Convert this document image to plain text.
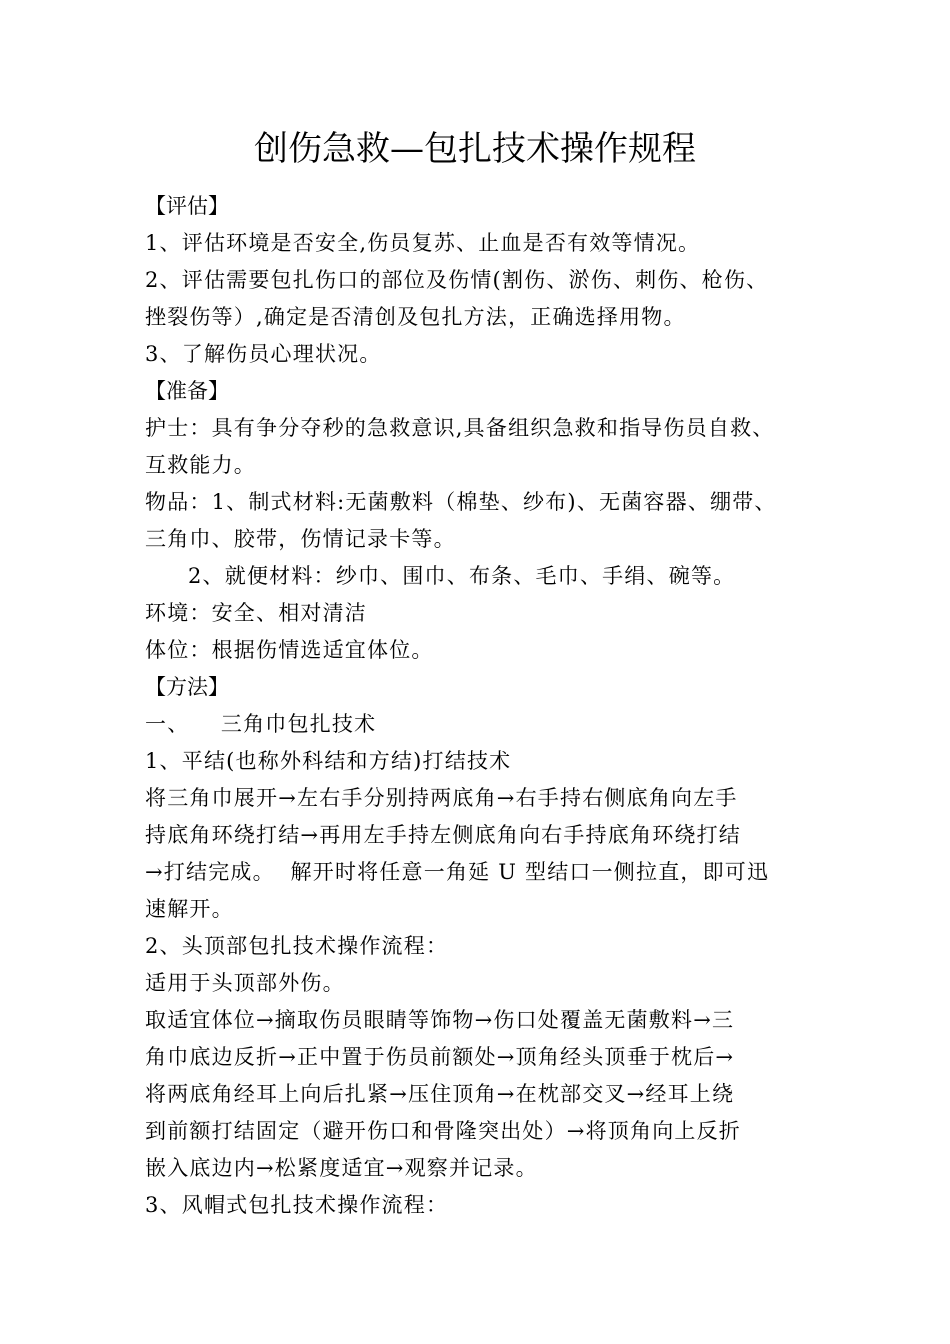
创伤急救—包扎技术操作规程
【评估】
1、评估环境是否安全,伤员复苏、止血是否有效等情况。
2、评估需要包扎伤口的部位及伤情(割伤、淤伤、刺伤、枪伤、
挫裂伤等）,确定是否清创及包扎方法，正确选择用物。
3、了解伤员心理状况。
【准备】
护士：具有争分夺秒的急救意识,具备组织急救和指导伤员自救、
互救能力。
物品：1、制式材料:无菌敷料（棉垫、纱布)、无菌容器、绷带、
三角巾、胶带，伤情记录卡等。
2、就便材料：纱巾、围巾、布条、毛巾、手绢、碗等。
环境：安全、相对清洁
体位：根据伤情选适宜体位。
【方法】
一、    三角巾包扎技术
1、平结(也称外科结和方结)打结技术
将三角巾展开→左右手分别持两底角→右手持右侧底角向左手
持底角环绕打结→再用左手持左侧底角向右手持底角环绕打结
→打结完成。  解开时将任意一角延 U 型结口一侧拉直，即可迅
速解开。
2、头顶部包扎技术操作流程：
适用于头顶部外伤。
取适宜体位→摘取伤员眼睛等饰物→伤口处覆盖无菌敷料→三
角巾底边反折→正中置于伤员前额处→顶角经头顶垂于枕后→
将两底角经耳上向后扎紧→压住顶角→在枕部交叉→经耳上绕
到前额打结固定（避开伤口和骨隆突出处）→将顶角向上反折
嵌入底边内→松紧度适宜→观察并记录。
3、风帽式包扎技术操作流程：
